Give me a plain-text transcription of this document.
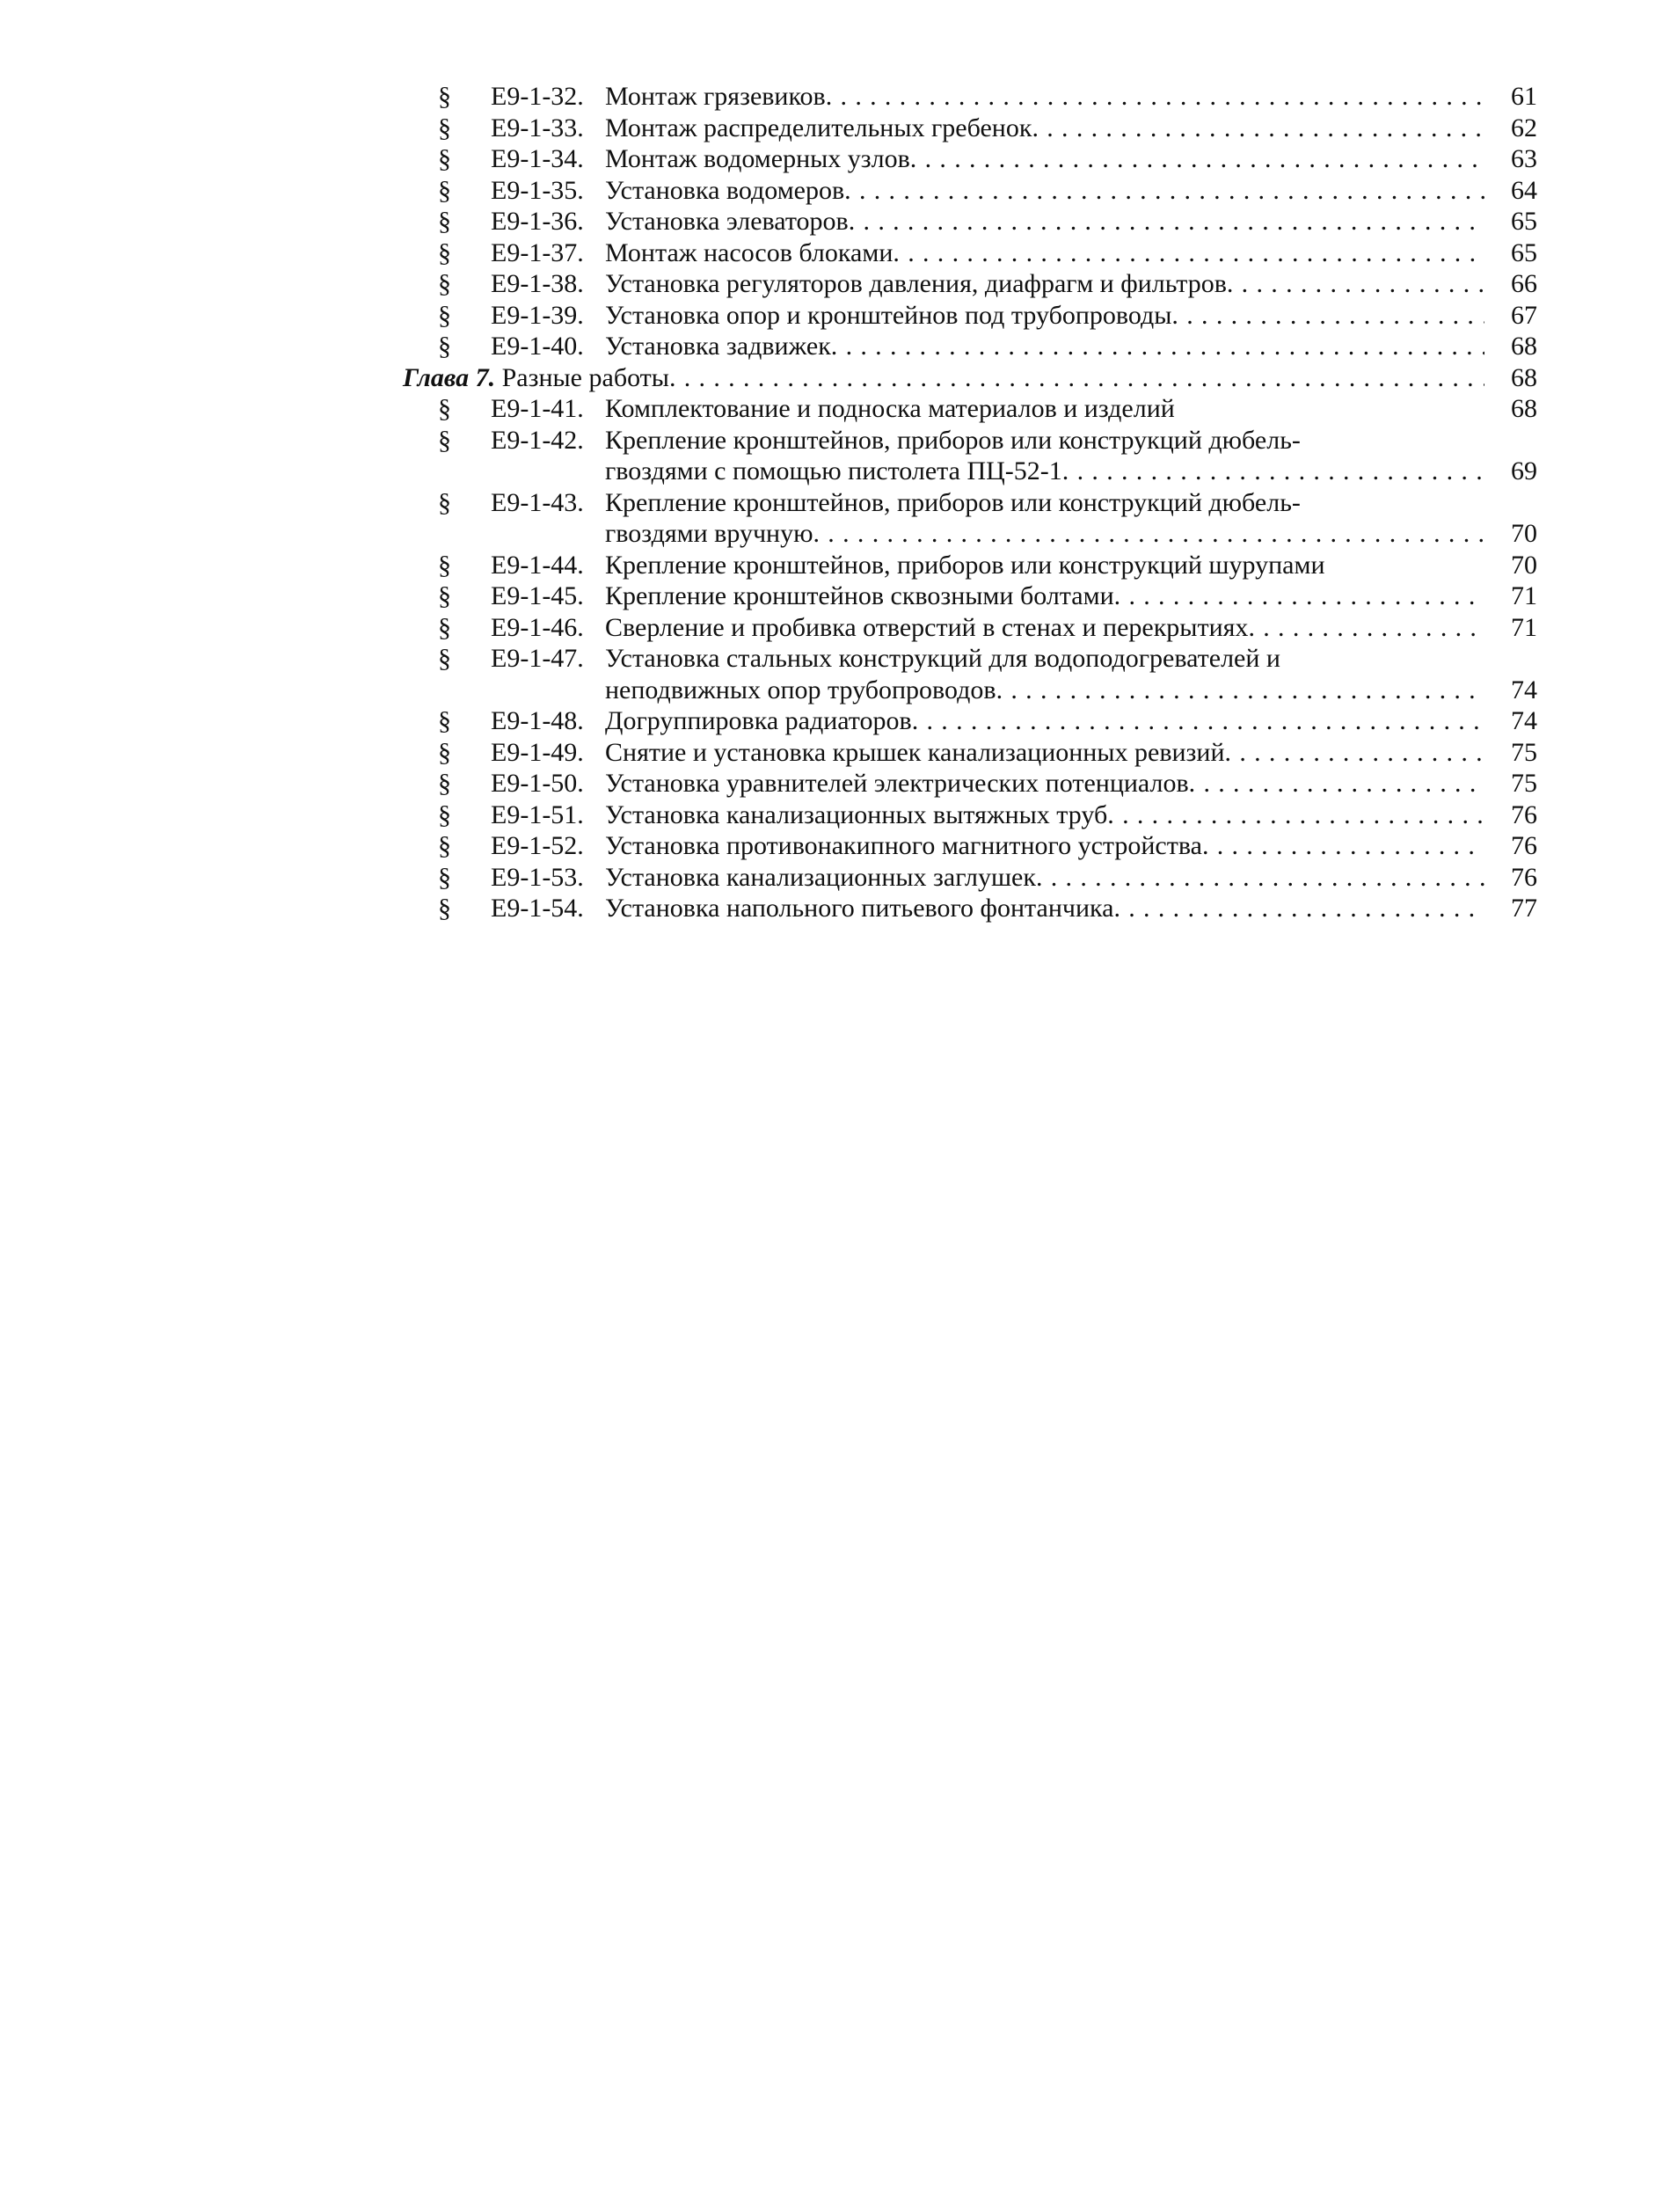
§	Е9-1-32. Монтаж грязевиков . . .	61
§	Е9-1-33. Монтаж распределительных гребенок . . .	62
§	Е9-1-34. Монтаж водомерных узлов . . .	63
§	Е9-1-35. Установка водомеров . . .	64
§	Е9-1-36. Установка элеваторов . . .	65
§	Е9-1-37. Монтаж насосов блоками . . .	65
§	Е9-1-38. Установка регуляторов давления, диафрагм и фильтров . . .	66
§	Е9-1-39. Установка опор и кронштейнов под трубопроводы . . .	67
§	Е9-1-40. Установка задвижек . . .	68
Глава 7. Разные работы . . .	68
§	Е9-1-41. Комплектование и подноска материалов и изделий	68
§	Е9-1-42. Крепление кронштейнов, приборов или конструкций дюбель-
гвоздями с помощью пистолета ПЦ-52-1 . . .	69
§	Е9-1-43. Крепление кронштейнов, приборов или конструкций дюбель-
гвоздями вручную . . .	70
§	Е9-1-44. Крепление кронштейнов, приборов или конструкций шурупами	70
§	Е9-1-45. Крепление кронштейнов сквозными болтами . . .	71
§	Е9-1-46. Сверление и пробивка отверстий в стенах и перекрытиях . . .	71
§	Е9-1-47. Установка стальных конструкций для водоподогревателей и
неподвижных опор трубопроводов . . .	74
§	Е9-1-48. Догруппировка радиаторов . . .	74
§	Е9-1-49. Снятие и установка крышек канализационных ревизий . . .	75
§	Е9-1-50. Установка уравнителей электрических потенциалов . . .	75
§	Е9-1-51. Установка канализационных вытяжных труб . . .	76
§	Е9-1-52. Установка противонакипного магнитного устройства . . .	76
§	Е9-1-53. Установка канализационных заглушек . . .	76
§	Е9-1-54. Установка напольного питьевого фонтанчика . . .	77
